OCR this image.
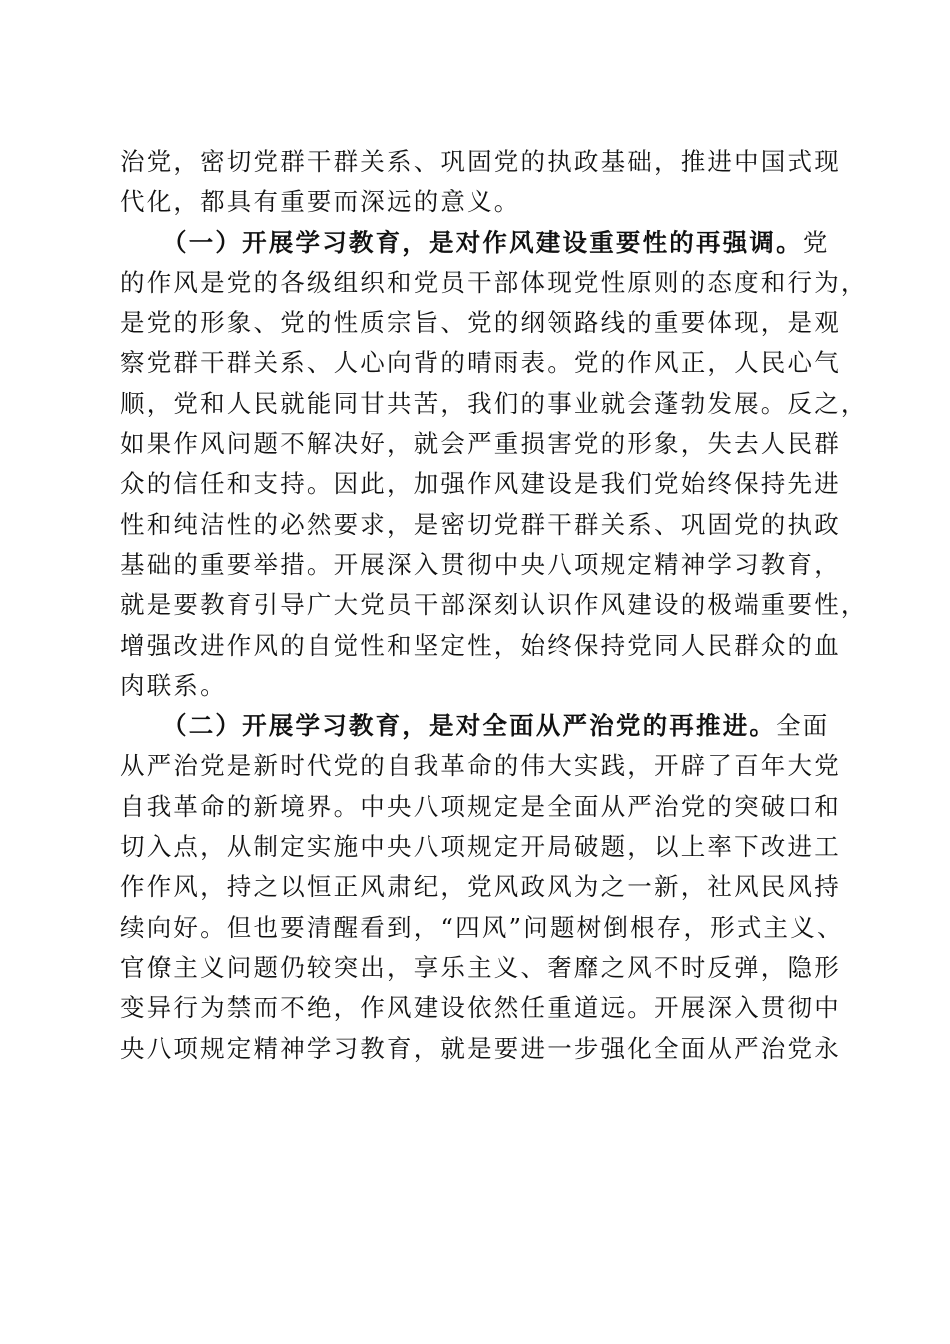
治党，密切党群干群关系、巩固党的执政基础，推进中国式现
代化，都具有重要而深远的意义。
（一）开展学习教育，是对作风建设重要性的再强调。党
的作风是党的各级组织和党员干部体现党性原则的态度和行为，
是党的形象、党的性质宗旨、党的纲领路线的重要体现，是观
察党群干群关系、人心向背的晴雨表。党的作风正，人民心气
顺，党和人民就能同甘共苦，我们的事业就会蓬勃发展。反之，
如果作风问题不解决好，就会严重损害党的形象，失去人民群
众的信任和支持。因此，加强作风建设是我们党始终保持先进
性和纯洁性的必然要求，是密切党群干群关系、巩固党的执政
基础的重要举措。开展深入贯彻中央八项规定精神学习教育，
就是要教育引导广大党员干部深刻认识作风建设的极端重要性，
增强改进作风的自觉性和坚定性，始终保持党同人民群众的血
肉联系。
（二）开展学习教育，是对全面从严治党的再推进。全面
从严治党是新时代党的自我革命的伟大实践，开辟了百年大党
自我革命的新境界。中央八项规定是全面从严治党的突破口和
切入点，从制定实施中央八项规定开局破题，以上率下改进工
作作风，持之以恒正风肃纪，党风政风为之一新，社风民风持
续向好。但也要清醒看到，“四风”问题树倒根存，形式主义、
官僚主义问题仍较突出，享乐主义、奢靡之风不时反弹，隐形
变异行为禁而不绝，作风建设依然任重道远。开展深入贯彻中
央八项规定精神学习教育，就是要进一步强化全面从严治党永
